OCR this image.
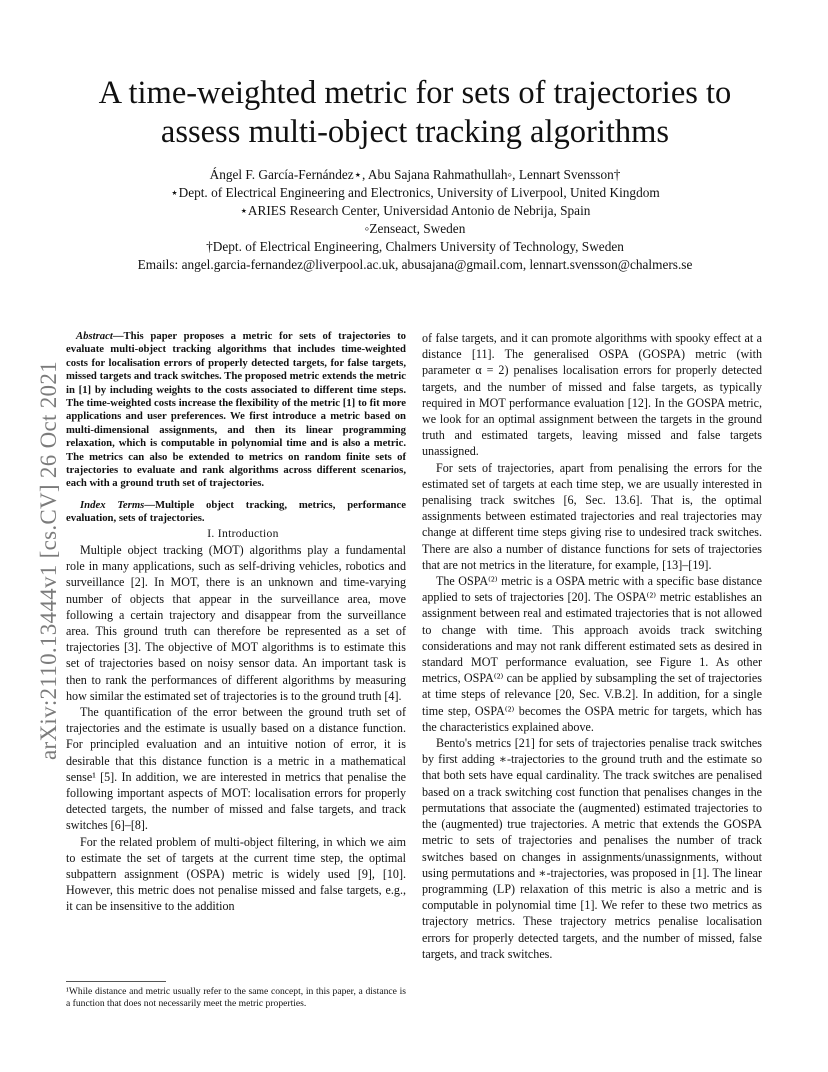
arXiv:2110.13444v1 [cs.CV] 26 Oct 2021
A time-weighted metric for sets of trajectories to
assess multi-object tracking algorithms
Ángel F. García-Fernández⋆, Abu Sajana Rahmathullah◦, Lennart Svensson†
⋆Dept. of Electrical Engineering and Electronics, University of Liverpool, United Kingdom
⋆ARIES Research Center, Universidad Antonio de Nebrija, Spain
◦Zenseact, Sweden
†Dept. of Electrical Engineering, Chalmers University of Technology, Sweden
Emails: angel.garcia-fernandez@liverpool.ac.uk, abusajana@gmail.com, lennart.svensson@chalmers.se

Abstract—This paper proposes a metric for sets of trajectories to evaluate multi-object tracking algorithms that includes time-weighted costs for localisation errors of properly detected targets, for false targets, missed targets and track switches. The proposed metric extends the metric in [1] by including weights to the costs associated to different time steps. The time-weighted costs increase the flexibility of the metric [1] to fit more applications and user preferences. We first introduce a metric based on multi-dimensional assignments, and then its linear programming relaxation, which is computable in polynomial time and is also a metric. The metrics can also be extended to metrics on random finite sets of trajectories to evaluate and rank algorithms across different scenarios, each with a ground truth set of trajectories.

Index Terms—Multiple object tracking, metrics, performance evaluation, sets of trajectories.

I. Introduction

Multiple object tracking (MOT) algorithms play a fundamental role in many applications, such as self-driving vehicles, robotics and surveillance [2]. In MOT, there is an unknown and time-varying number of objects that appear in the surveillance area, move following a certain trajectory and disappear from the surveillance area. This ground truth can therefore be represented as a set of trajectories [3]. The objective of MOT algorithms is to estimate this set of trajectories based on noisy sensor data. An important task is then to rank the performances of different algorithms by measuring how similar the estimated set of trajectories is to the ground truth [4].

The quantification of the error between the ground truth set of trajectories and the estimate is usually based on a distance function. For principled evaluation and an intuitive notion of error, it is desirable that this distance function is a metric in a mathematical sense¹ [5]. In addition, we are interested in metrics that penalise the following important aspects of MOT: localisation errors for properly detected targets, the number of missed and false targets, and track switches [6]–[8].

For the related problem of multi-object filtering, in which we aim to estimate the set of targets at the current time step, the optimal subpattern assignment (OSPA) metric is widely used [9], [10]. However, this metric does not penalise missed and false targets, e.g., it can be insensitive to the addition

of false targets, and it can promote algorithms with spooky effect at a distance [11]. The generalised OSPA (GOSPA) metric (with parameter α = 2) penalises localisation errors for properly detected targets, and the number of missed and false targets, as typically required in MOT performance evaluation [12]. In the GOSPA metric, we look for an optimal assignment between the targets in the ground truth and estimated targets, leaving missed and false targets unassigned.

For sets of trajectories, apart from penalising the errors for the estimated set of targets at each time step, we are usually interested in penalising track switches [6, Sec. 13.6]. That is, the optimal assignments between estimated trajectories and real trajectories may change at different time steps giving rise to undesired track switches. There are also a number of distance functions for sets of trajectories that are not metrics in the literature, for example, [13]–[19].

The OSPA⁽²⁾ metric is a OSPA metric with a specific base distance applied to sets of trajectories [20]. The OSPA⁽²⁾ metric establishes an assignment between real and estimated trajectories that is not allowed to change with time. This approach avoids track switching considerations and may not rank different estimated sets as desired in standard MOT performance evaluation, see Figure 1. As other metrics, OSPA⁽²⁾ can be applied by subsampling the set of trajectories at time steps of relevance [20, Sec. V.B.2]. In addition, for a single time step, OSPA⁽²⁾ becomes the OSPA metric for targets, which has the characteristics explained above.

Bento's metrics [21] for sets of trajectories penalise track switches by first adding ∗-trajectories to the ground truth and the estimate so that both sets have equal cardinality. The track switches are penalised based on a track switching cost function that penalises changes in the permutations that associate the (augmented) estimated trajectories to the (augmented) true trajectories. A metric that extends the GOSPA metric to sets of trajectories and penalises the number of track switches based on changes in assignments/unassignments, without using permutations and ∗-trajectories, was proposed in [1]. The linear programming (LP) relaxation of this metric is also a metric and is computable in polynomial time [1]. We refer to these two metrics as trajectory metrics. These trajectory metrics penalise localisation errors for properly detected targets, and the number of missed, false targets, and track switches.

¹While distance and metric usually refer to the same concept, in this paper, a distance is a function that does not necessarily meet the metric properties.
